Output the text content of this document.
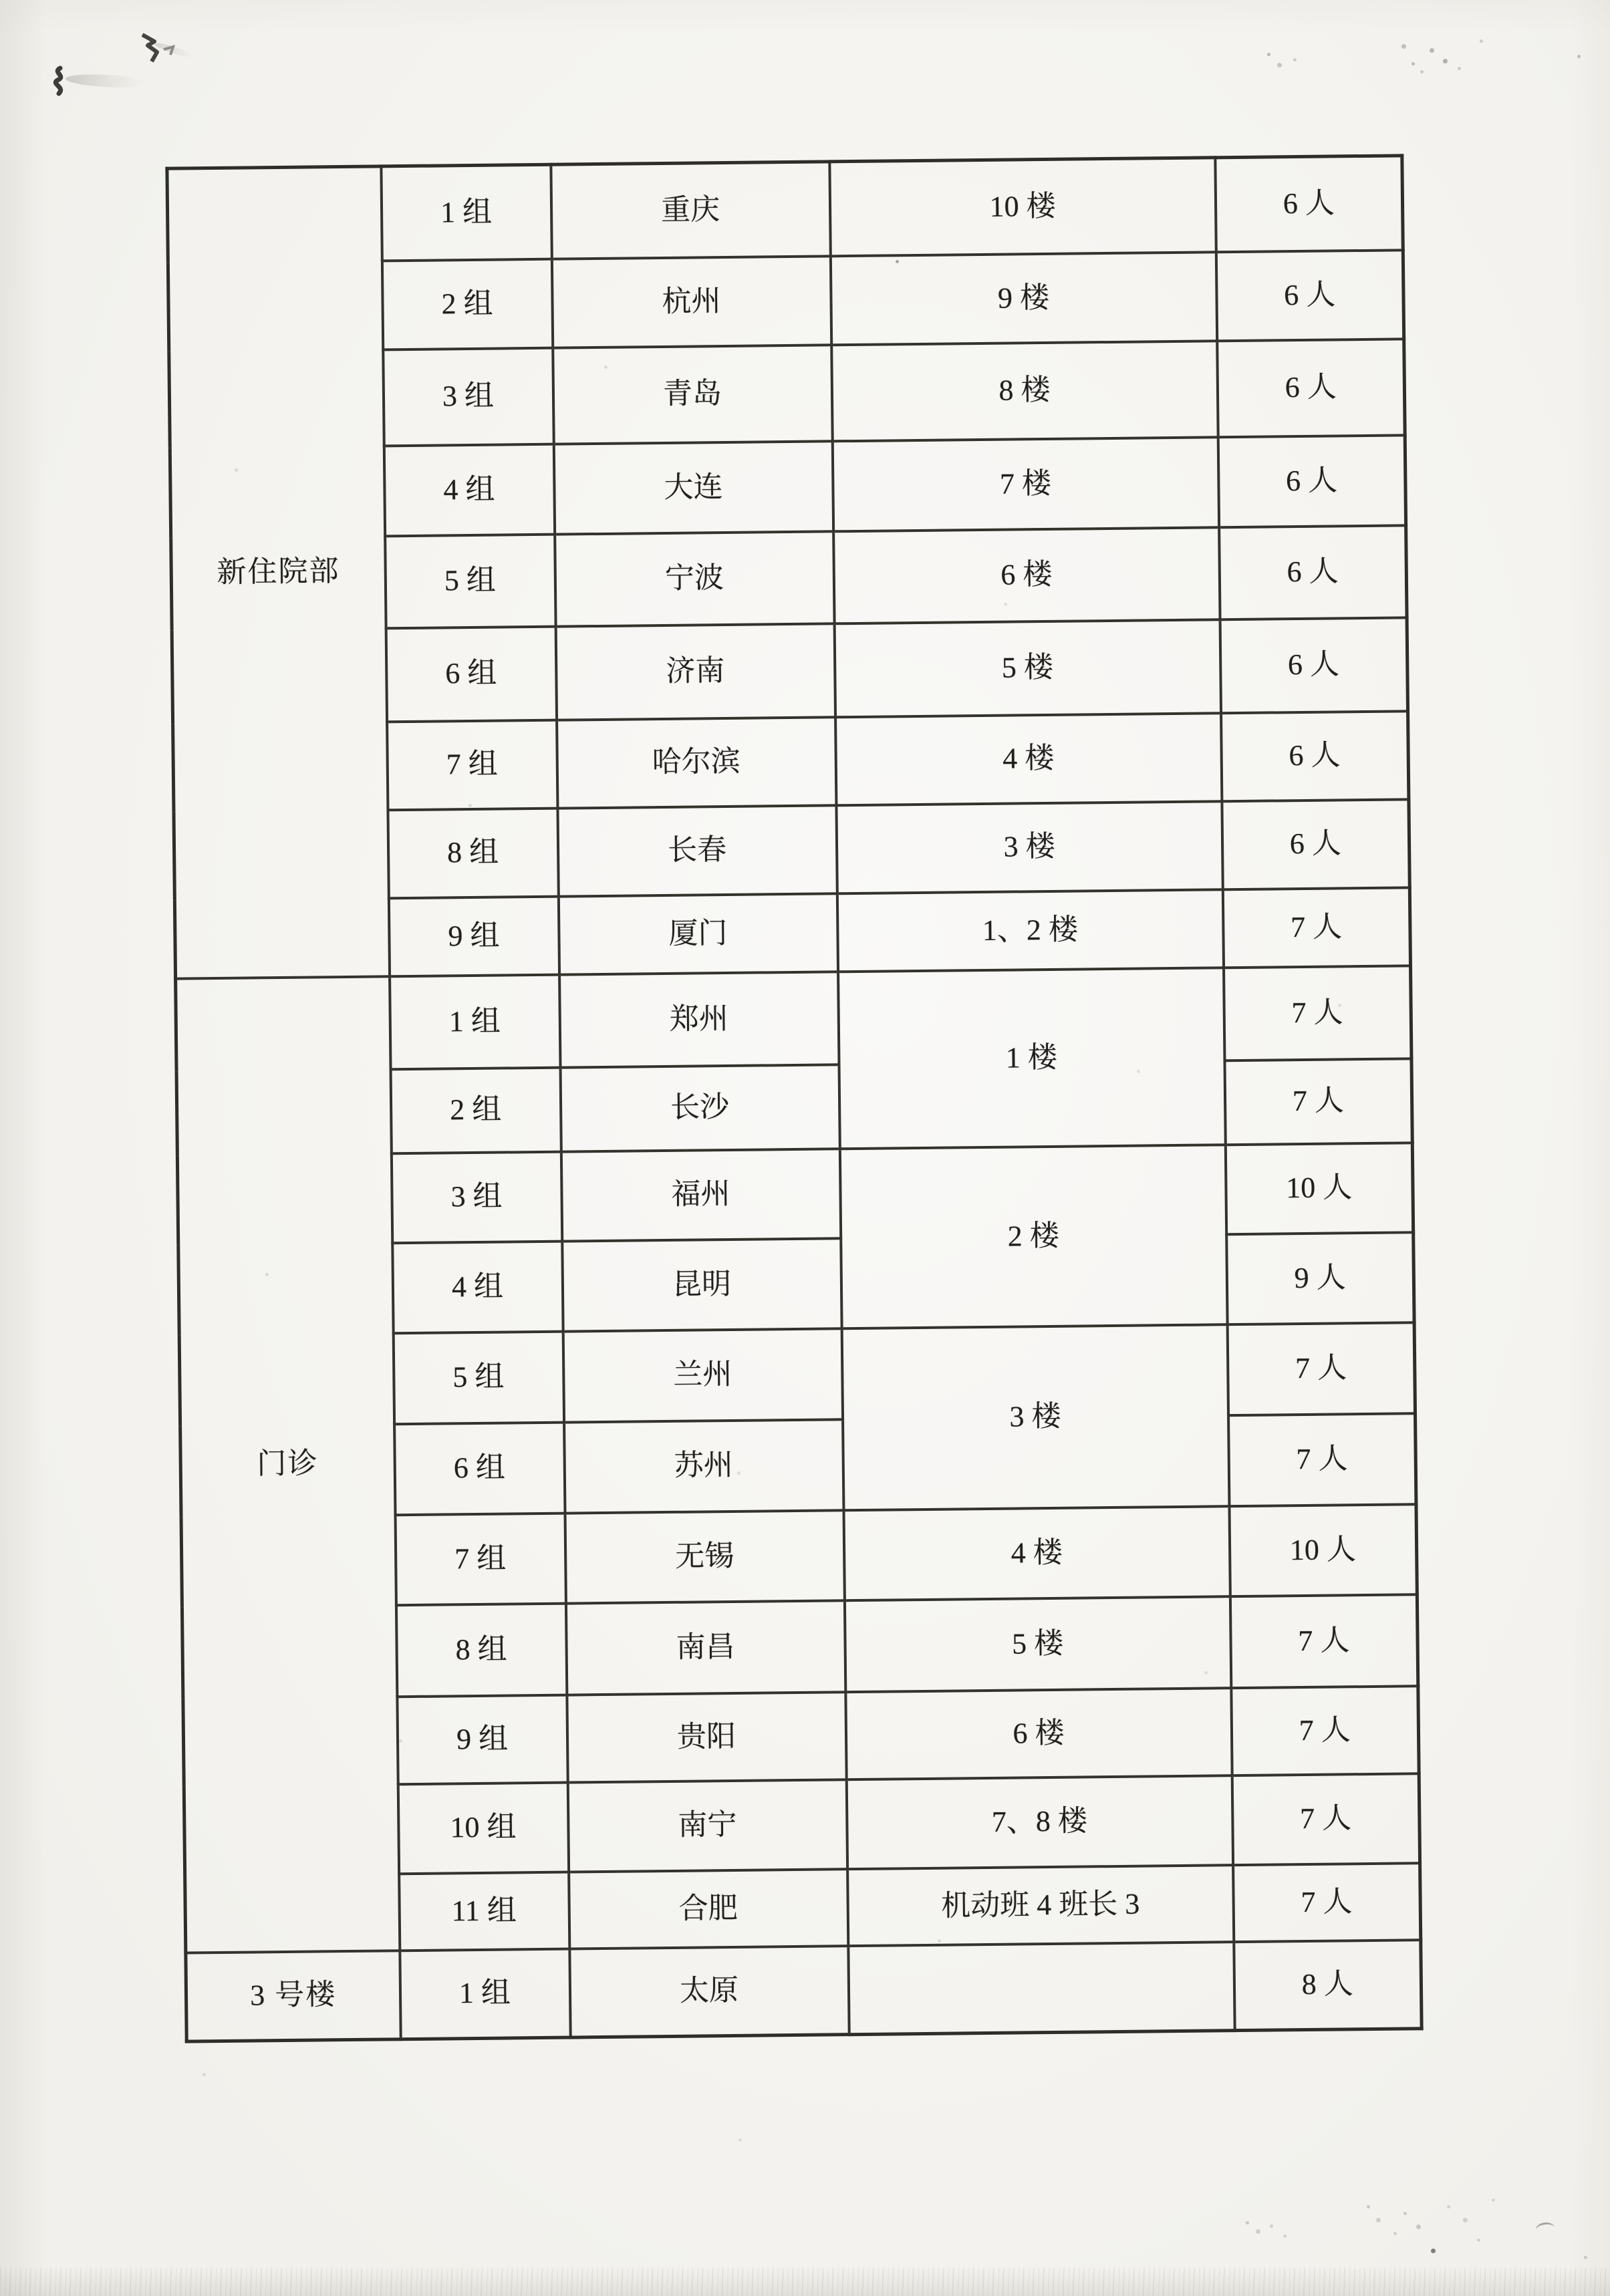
新住院部	1 组	重庆	10 楼	6 人
	2 组	杭州	9 楼	6 人
	3 组	青岛	8 楼	6 人
	4 组	大连	7 楼	6 人
	5 组	宁波	6 楼	6 人
	6 组	济南	5 楼	6 人
	7 组	哈尔滨	4 楼	6 人
	8 组	长春	3 楼	6 人
	9 组	厦门	1、2 楼	7 人
门诊	1 组	郑州	1 楼	7 人
	2 组	长沙		7 人
	3 组	福州	2 楼	10 人
	4 组	昆明		9 人
	5 组	兰州	3 楼	7 人
	6 组	苏州		7 人
	7 组	无锡	4 楼	10 人
	8 组	南昌	5 楼	7 人
	9 组	贵阳	6 楼	7 人
	10 组	南宁	7、8 楼	7 人
	11 组	合肥	机动班 4 班长 3	7 人
3 号楼	1 组	太原		8 人
